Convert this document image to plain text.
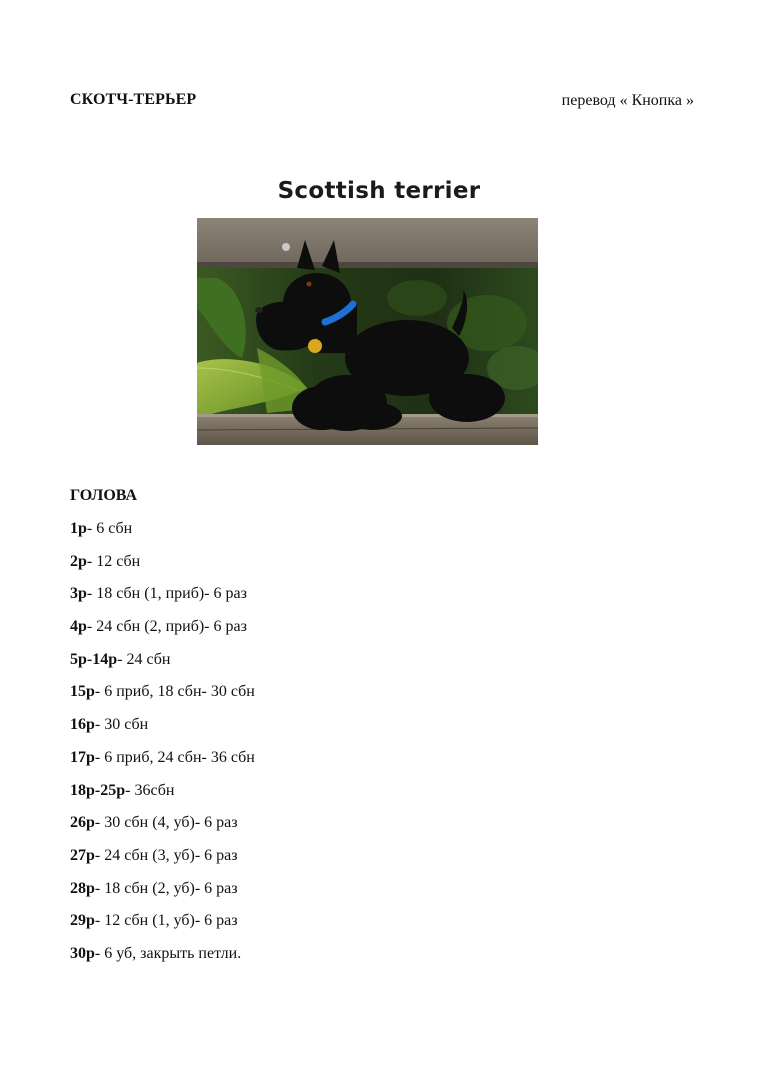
СКОТЧ-ТЕРЬЕР	перевод « Кнопка »
Scottish terrier
ГОЛОВА
1р- 6 сбн
2р- 12 сбн
3р- 18 сбн (1, приб)- 6 раз
4р- 24 сбн (2, приб)- 6 раз
5р-14р- 24 сбн
15р- 6 приб, 18 сбн- 30 сбн
16р- 30 сбн
17р- 6 приб, 24 сбн- 36 сбн
18р-25р- 36сбн
26р- 30 сбн (4, уб)- 6 раз
27р- 24 сбн (3, уб)- 6 раз
28р- 18 сбн (2, уб)- 6 раз
29р- 12 сбн (1, уб)- 6 раз
30р- 6 уб, закрыть петли.
